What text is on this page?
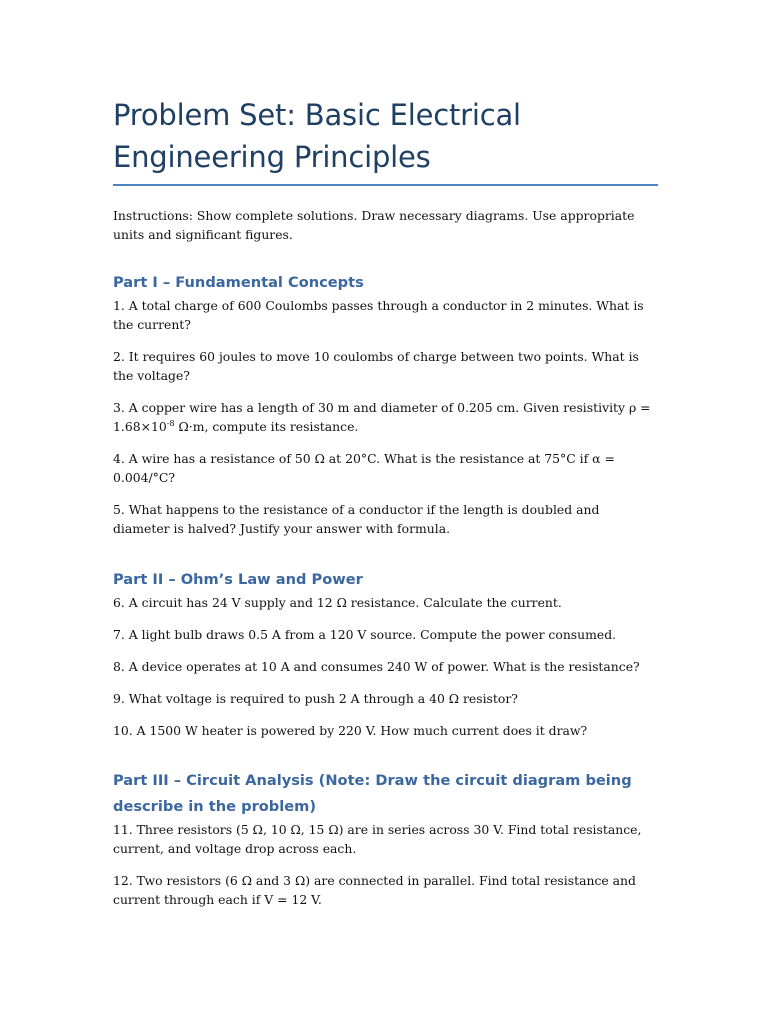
Problem Set: Basic Electrical Engineering Principles

Instructions: Show complete solutions. Draw necessary diagrams. Use appropriate units and significant figures.

Part I – Fundamental Concepts

1. A total charge of 600 Coulombs passes through a conductor in 2 minutes. What is the current?

2. It requires 60 joules to move 10 coulombs of charge between two points. What is the voltage?

3. A copper wire has a length of 30 m and diameter of 0.205 cm. Given resistivity $\rho = 1.68\times 10^{-8}$ Ω·m, compute its resistance.

4. A wire has a resistance of 50 Ω at 20°C. What is the resistance at 75°C if α = 0.004/°C?

5. What happens to the resistance of a conductor if the length is doubled and diameter is halved? Justify your answer with formula.

Part II – Ohm’s Law and Power

6. A circuit has 24 V supply and 12 Ω resistance. Calculate the current.

7. A light bulb draws 0.5 A from a 120 V source. Compute the power consumed.

8. A device operates at 10 A and consumes 240 W of power. What is the resistance?

9. What voltage is required to push 2 A through a 40 Ω resistor?

10. A 1500 W heater is powered by 220 V. How much current does it draw?

Part III – Circuit Analysis (Note: Draw the circuit diagram being describe in the problem)

11. Three resistors (5 Ω, 10 Ω, 15 Ω) are in series across 30 V. Find total resistance, current, and voltage drop across each.

12. Two resistors (6 Ω and 3 Ω) are connected in parallel. Find total resistance and current through each if V = 12 V.
